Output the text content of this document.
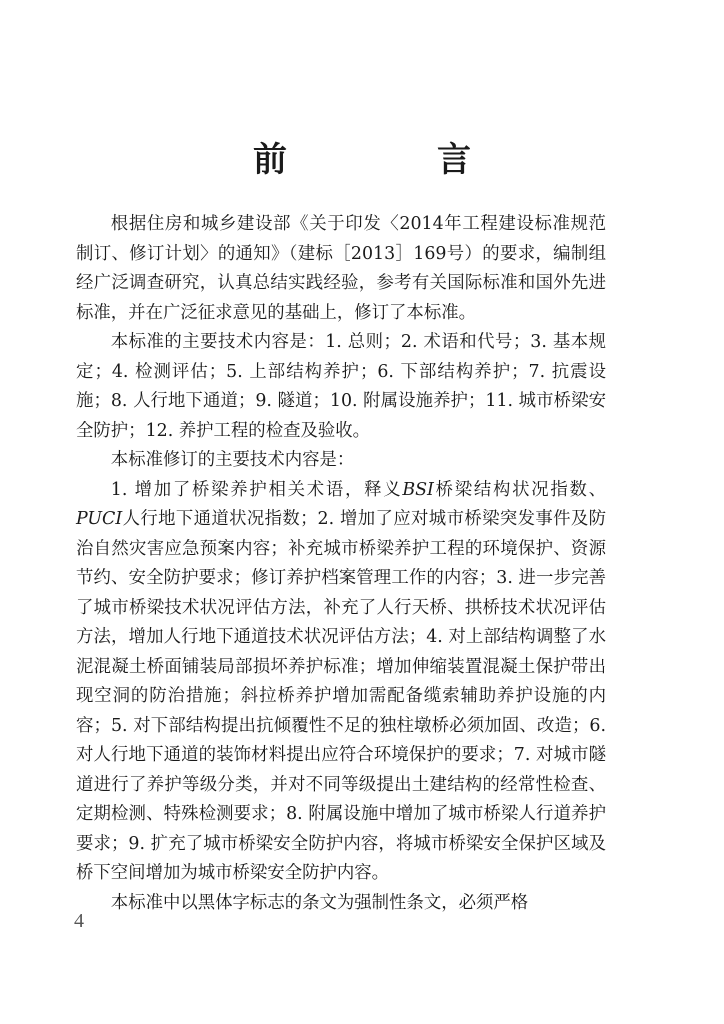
前　言

根据住房和城乡建设部《关于印发〈2014年工程建设标准规范制订、修订计划〉的通知》（建标［2013］169号）的要求，编制组经广泛调查研究，认真总结实践经验，参考有关国际标准和国外先进标准，并在广泛征求意见的基础上，修订了本标准。

本标准的主要技术内容是：1. 总则；2. 术语和代号；3. 基本规定；4. 检测评估；5. 上部结构养护；6. 下部结构养护；7. 抗震设施；8. 人行地下通道；9. 隧道；10. 附属设施养护；11. 城市桥梁安全防护；12. 养护工程的检查及验收。

本标准修订的主要技术内容是：

1. 增加了桥梁养护相关术语，释义BSI桥梁结构状况指数、PUCI人行地下通道状况指数；2. 增加了应对城市桥梁突发事件及防治自然灾害应急预案内容；补充城市桥梁养护工程的环境保护、资源节约、安全防护要求；修订养护档案管理工作的内容；3. 进一步完善了城市桥梁技术状况评估方法，补充了人行天桥、拱桥技术状况评估方法，增加人行地下通道技术状况评估方法；4. 对上部结构调整了水泥混凝土桥面铺装局部损坏养护标准；增加伸缩装置混凝土保护带出现空洞的防治措施；斜拉桥养护增加需配备缆索辅助养护设施的内容；5. 对下部结构提出抗倾覆性不足的独柱墩桥必须加固、改造；6. 对人行地下通道的装饰材料提出应符合环境保护的要求；7. 对城市隧道进行了养护等级分类，并对不同等级提出土建结构的经常性检查、定期检测、特殊检测要求；8. 附属设施中增加了城市桥梁人行道养护要求；9. 扩充了城市桥梁安全防护内容，将城市桥梁安全保护区域及桥下空间增加为城市桥梁安全防护内容。

本标准中以黑体字标志的条文为强制性条文，必须严格

4
